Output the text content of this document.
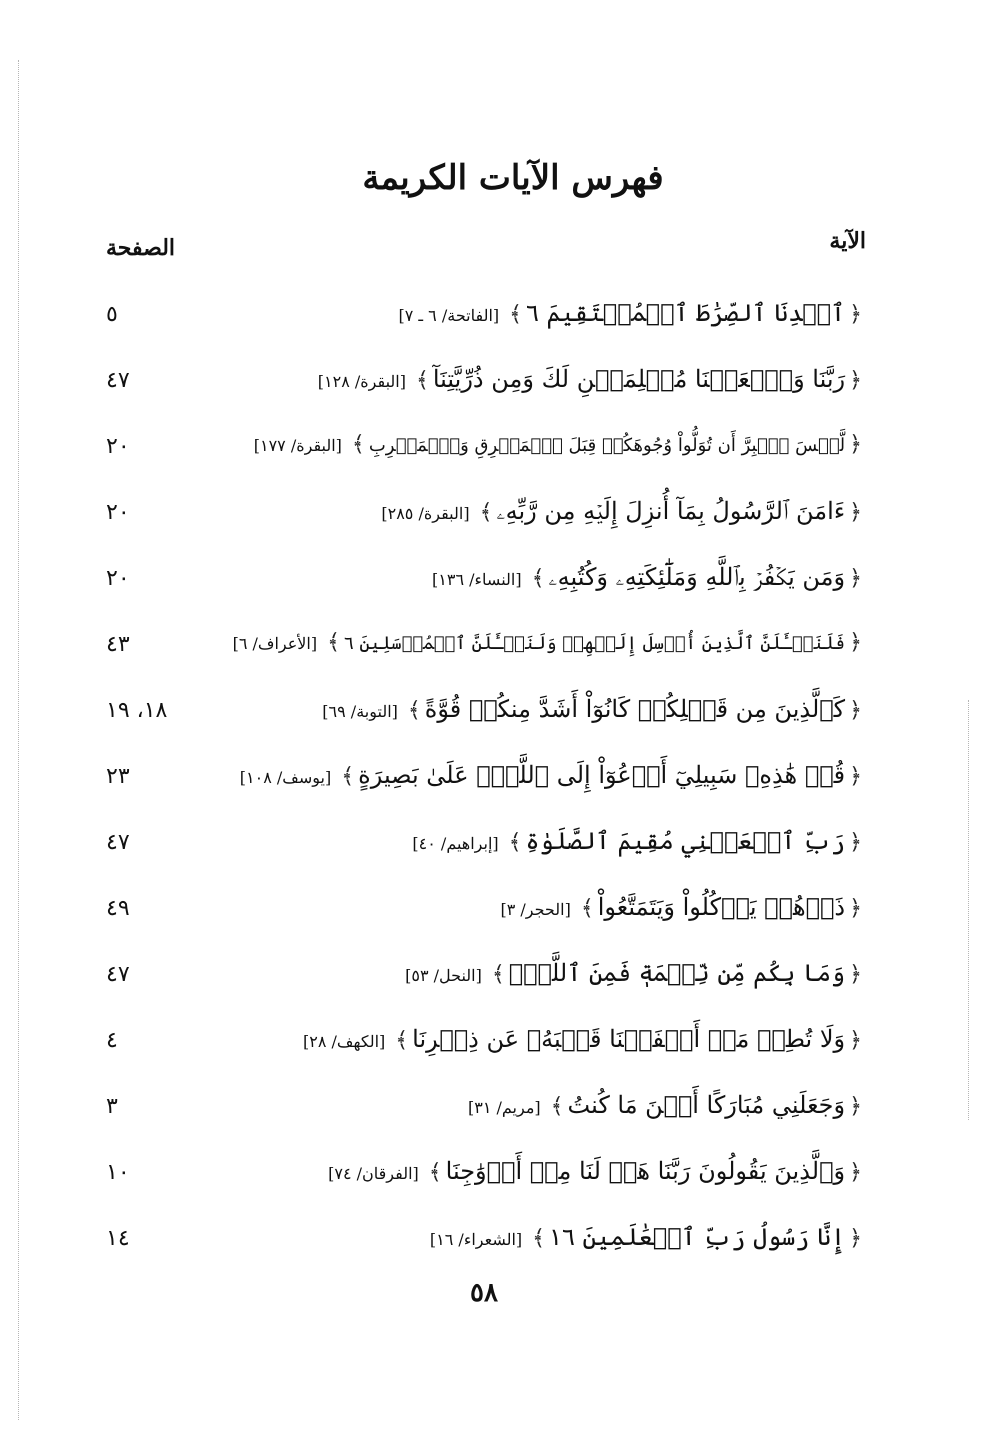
فهرس الآيات الكريمة
الآية
الصفحة
﴿ٱهۡدِنَا ٱلصِّرَٰطَ ٱلۡمُسۡتَقِيمَ ٦﴾[الفاتحة/ ٦ ـ ٧]
٥
﴿رَبَّنَا وَٱجۡعَلۡنَا مُسۡلِمَيۡنِ لَكَ وَمِن ذُرِّيَّتِنَآ﴾[البقرة/ ١٢٨]
٤٧
﴿لَّيۡسَ ٱلۡبِرَّ أَن تُوَلُّواْ وُجُوهَكُمۡ قِبَلَ ٱلۡمَشۡرِقِ وَٱلۡمَغۡرِبِ﴾[البقرة/ ١٧٧]
٢٠
﴿ءَامَنَ ٱلرَّسُولُ بِمَآ أُنزِلَ إِلَيۡهِ مِن رَّبِّهِۦ﴾[البقرة/ ٢٨٥]
٢٠
﴿وَمَن يَكۡفُرۡ بِٱللَّهِ وَمَلَٰٓئِكَتِهِۦ وَكُتُبِهِۦ﴾[النساء/ ١٣٦]
٢٠
﴿فَلَنَسۡـَٔلَنَّ ٱلَّذِينَ أُرۡسِلَ إِلَيۡهِمۡ وَلَنَسۡـَٔلَنَّ ٱلۡمُرۡسَلِينَ ٦﴾[الأعراف/ ٦]
٤٣
﴿كَٱلَّذِينَ مِن قَبۡلِكُمۡ كَانُوٓاْ أَشَدَّ مِنكُمۡ قُوَّةً﴾[التوبة/ ٦٩]
١٨، ١٩
﴿قُلۡ هَٰذِهِۦ سَبِيلِيٓ أَدۡعُوٓاْ إِلَى ٱللَّهِۚ عَلَىٰ بَصِيرَةٍ﴾[يوسف/ ١٠٨]
٢٣
﴿رَبِّ ٱجۡعَلۡنِي مُقِيمَ ٱلصَّلَوٰةِ﴾[إبراهيم/ ٤٠]
٤٧
﴿ذَرۡهُمۡ يَأۡكُلُواْ وَيَتَمَتَّعُواْ﴾[الحجر/ ٣]
٤٩
﴿وَمَا بِكُم مِّن نِّعۡمَةٖ فَمِنَ ٱللَّهِۖ﴾[النحل/ ٥٣]
٤٧
﴿وَلَا تُطِعۡ مَنۡ أَغۡفَلۡنَا قَلۡبَهُۥ عَن ذِكۡرِنَا﴾[الكهف/ ٢٨]
٤
﴿وَجَعَلَنِي مُبَارَكًا أَيۡنَ مَا كُنتُ﴾[مريم/ ٣١]
٣
﴿وَٱلَّذِينَ يَقُولُونَ رَبَّنَا هَبۡ لَنَا مِنۡ أَزۡوَٰجِنَا﴾[الفرقان/ ٧٤]
١٠
﴿إِنَّا رَسُولُ رَبِّ ٱلۡعَٰلَمِينَ ١٦﴾[الشعراء/ ١٦]
١٤
٥٨
